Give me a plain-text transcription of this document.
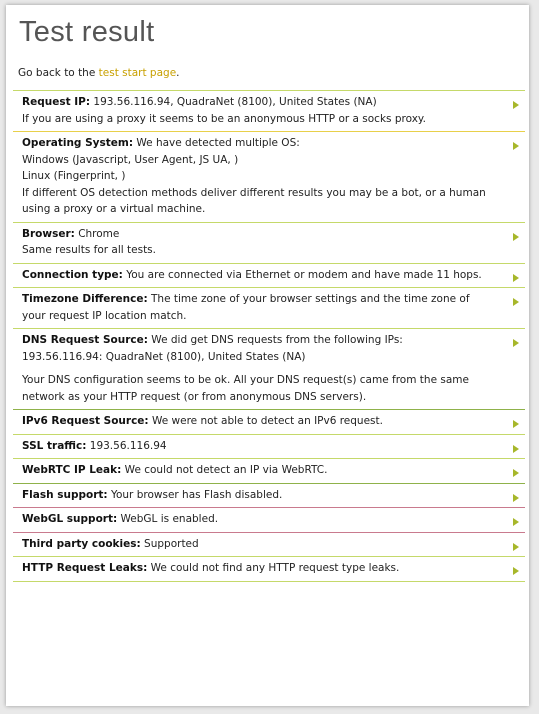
Test result
Go back to the test start page.
Request IP: 193.56.116.94, QuadraNet (8100), United States (NA)
If you are using a proxy it seems to be an anonymous HTTP or a socks proxy.
Operating System: We have detected multiple OS:
Windows (Javascript, User Agent, JS UA, )
Linux (Fingerprint, )
If different OS detection methods deliver different results you may be a bot, or a human using a proxy or a virtual machine.
Browser: Chrome
Same results for all tests.
Connection type: You are connected via Ethernet or modem and have made 11 hops.
Timezone Difference: The time zone of your browser settings and the time zone of your request IP location match.
DNS Request Source: We did get DNS requests from the following IPs:
193.56.116.94: QuadraNet (8100), United States (NA)
Your DNS configuration seems to be ok. All your DNS request(s) came from the same network as your HTTP request (or from anonymous DNS servers).
IPv6 Request Source: We were not able to detect an IPv6 request.
SSL traffic: 193.56.116.94
WebRTC IP Leak: We could not detect an IP via WebRTC.
Flash support: Your browser has Flash disabled.
WebGL support: WebGL is enabled.
Third party cookies: Supported
HTTP Request Leaks: We could not find any HTTP request type leaks.
